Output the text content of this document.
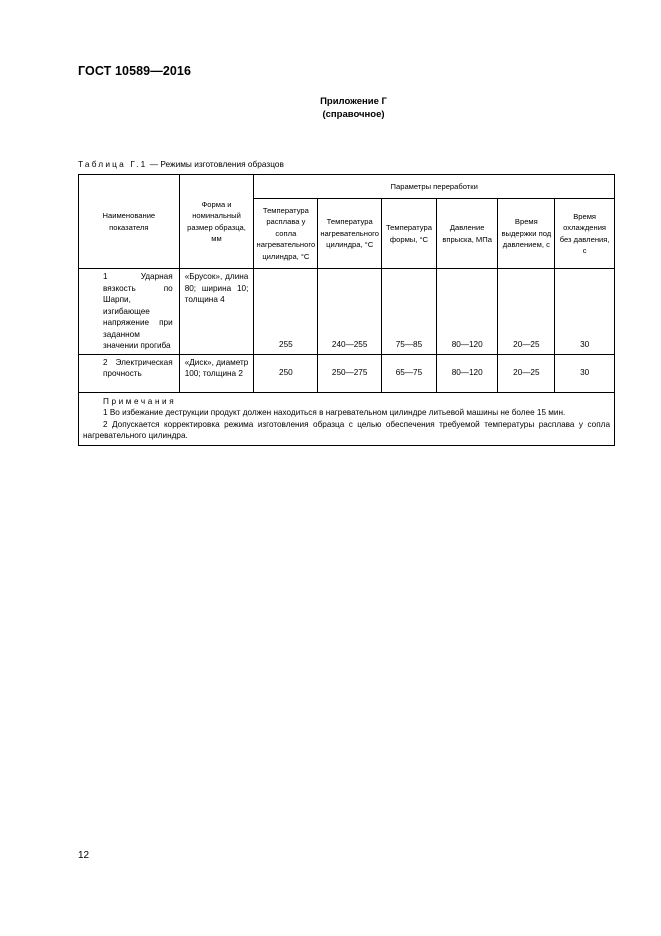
ГОСТ 10589—2016
Приложение Г
(справочное)
Таблица Г.1 — Режимы изготовления образцов
Наименование показателя	Форма и номинальный размер образца, мм	Параметры переработки					
		Температура расплава у сопла нагревательного цилиндра, °С	Температура нагревательного цилиндра, °С	Температура формы, °С	Давление впрыска, МПа	Время выдержки под давлением, с	Время охлаждения без давления, с

1 Ударная вязкость по Шарпи, изгибающее напряжение при заданном значении прогиба	«Брусок», длина 80; ширина 10; толщина 4	255	240—255	75—85	80—120	20—25	30

2 Электрическая прочность	«Диск», диаметр 100; толщина 2	250	250—275	65—75	80—120	20—25	30

Примечания
1 Во избежание деструкции продукт должен находиться в нагревательном цилиндре литьевой машины не более 15 мин.
2 Допускается корректировка режима изготовления образца с целью обеспечения требуемой температуры расплава у сопла нагревательного цилиндра.							
12
